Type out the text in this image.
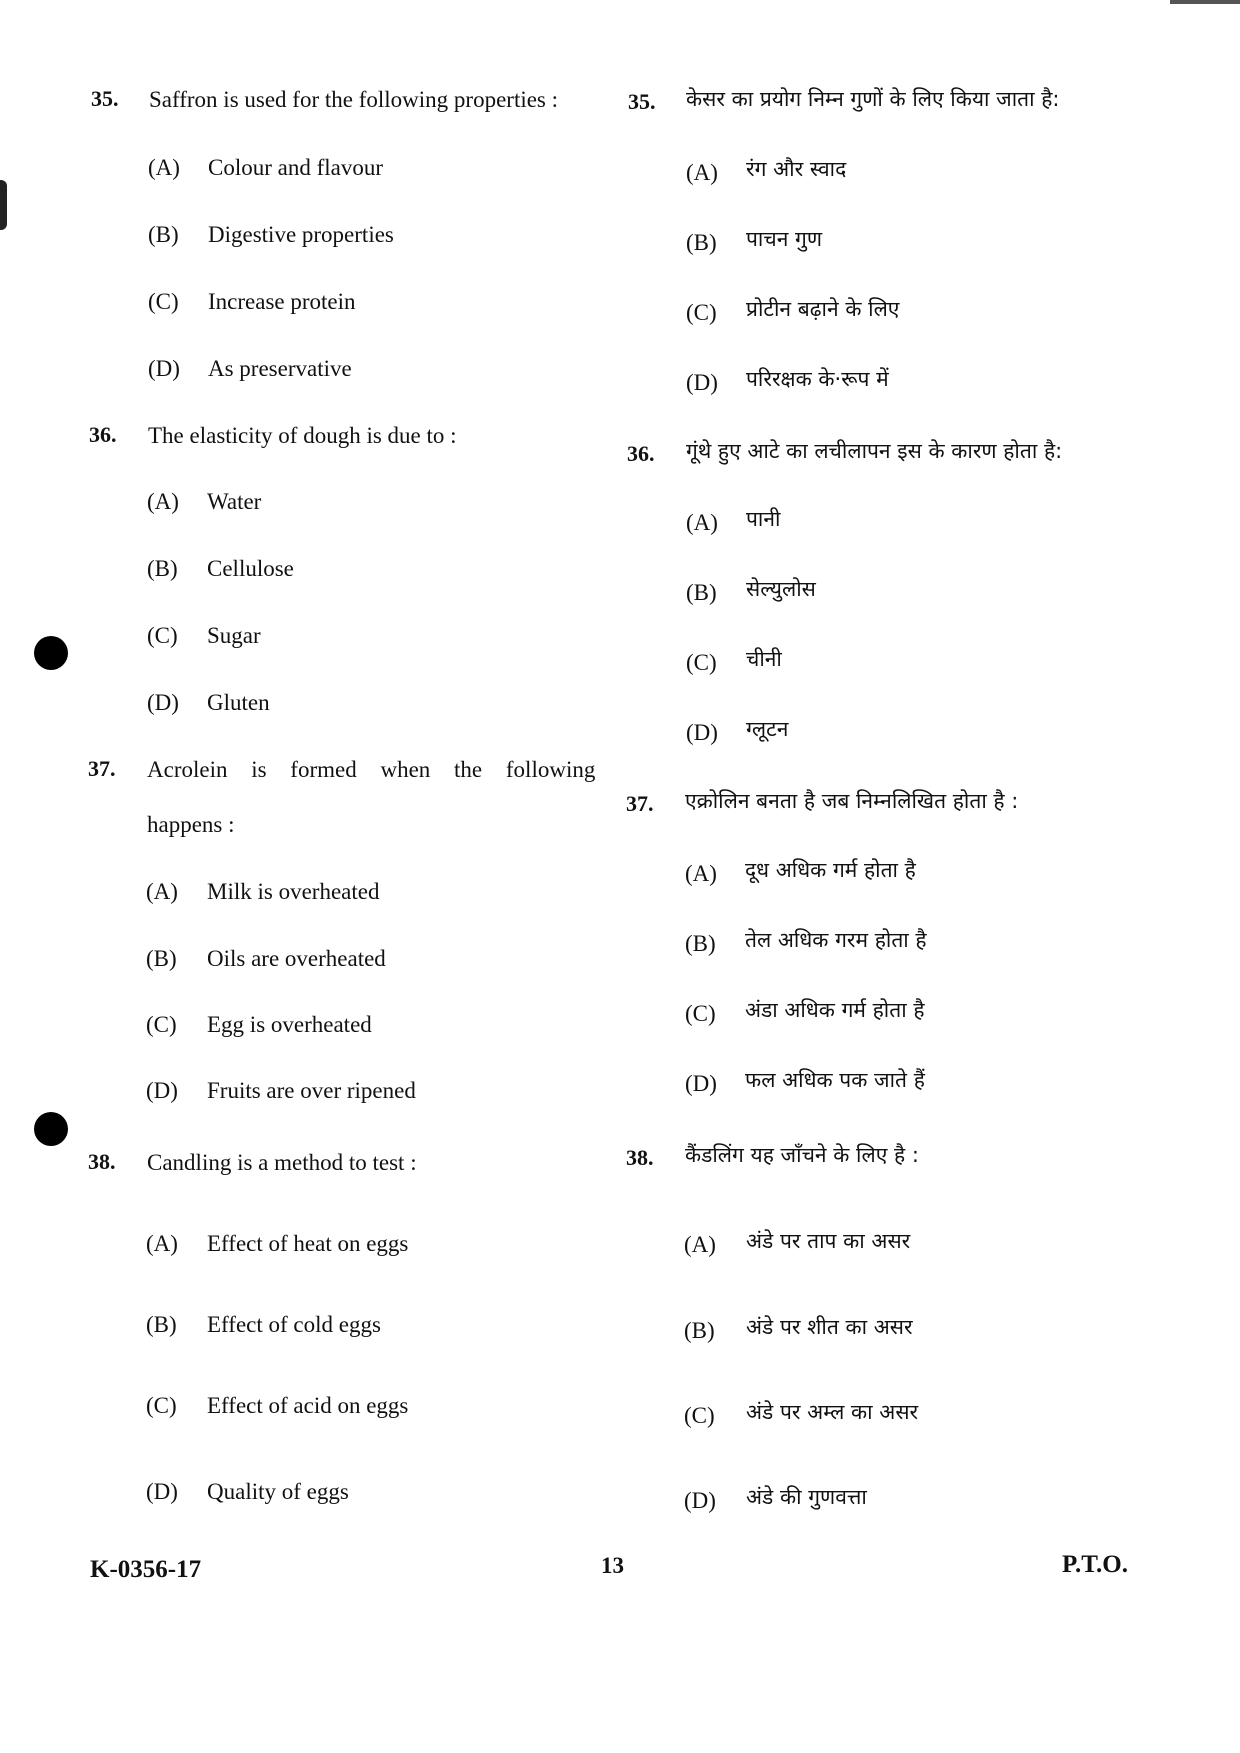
35. Saffron is used for the following properties :
(A) Colour and flavour
(B) Digestive properties
(C) Increase protein
(D) As preservative
35. केसर का प्रयोग निम्न गुणों के लिए किया जाता है:
(A) रंग और स्वाद
(B) पाचन गुण
(C) प्रोटीन बढ़ाने के लिए
(D) परिरक्षक के·रूप में
36. The elasticity of dough is due to :
(A) Water
(B) Cellulose
(C) Sugar
(D) Gluten
36. गूंथे हुए आटे का लचीलापन इस के कारण होता है:
(A) पानी
(B) सेल्युलोस
(C) चीनी
(D) ग्लूटन
37. Acrolein is formed when the following
happens :
(A) Milk is overheated
(B) Oils are overheated
(C) Egg is overheated
(D) Fruits are over ripened
37. एक्रोलिन बनता है जब निम्नलिखित होता है :
(A) दूध अधिक गर्म होता है
(B) तेल अधिक गरम होता है
(C) अंडा अधिक गर्म होता है
(D) फल अधिक पक जाते हैं
38. Candling is a method to test :
(A) Effect of heat on eggs
(B) Effect of cold eggs
(C) Effect of acid on eggs
(D) Quality of eggs
38. कैंडलिंग यह जाँचने के लिए है :
(A) अंडे पर ताप का असर
(B) अंडे पर शीत का असर
(C) अंडे पर अम्ल का असर
(D) अंडे की गुणवत्ता
K-0356-17	13	P.T.O.
